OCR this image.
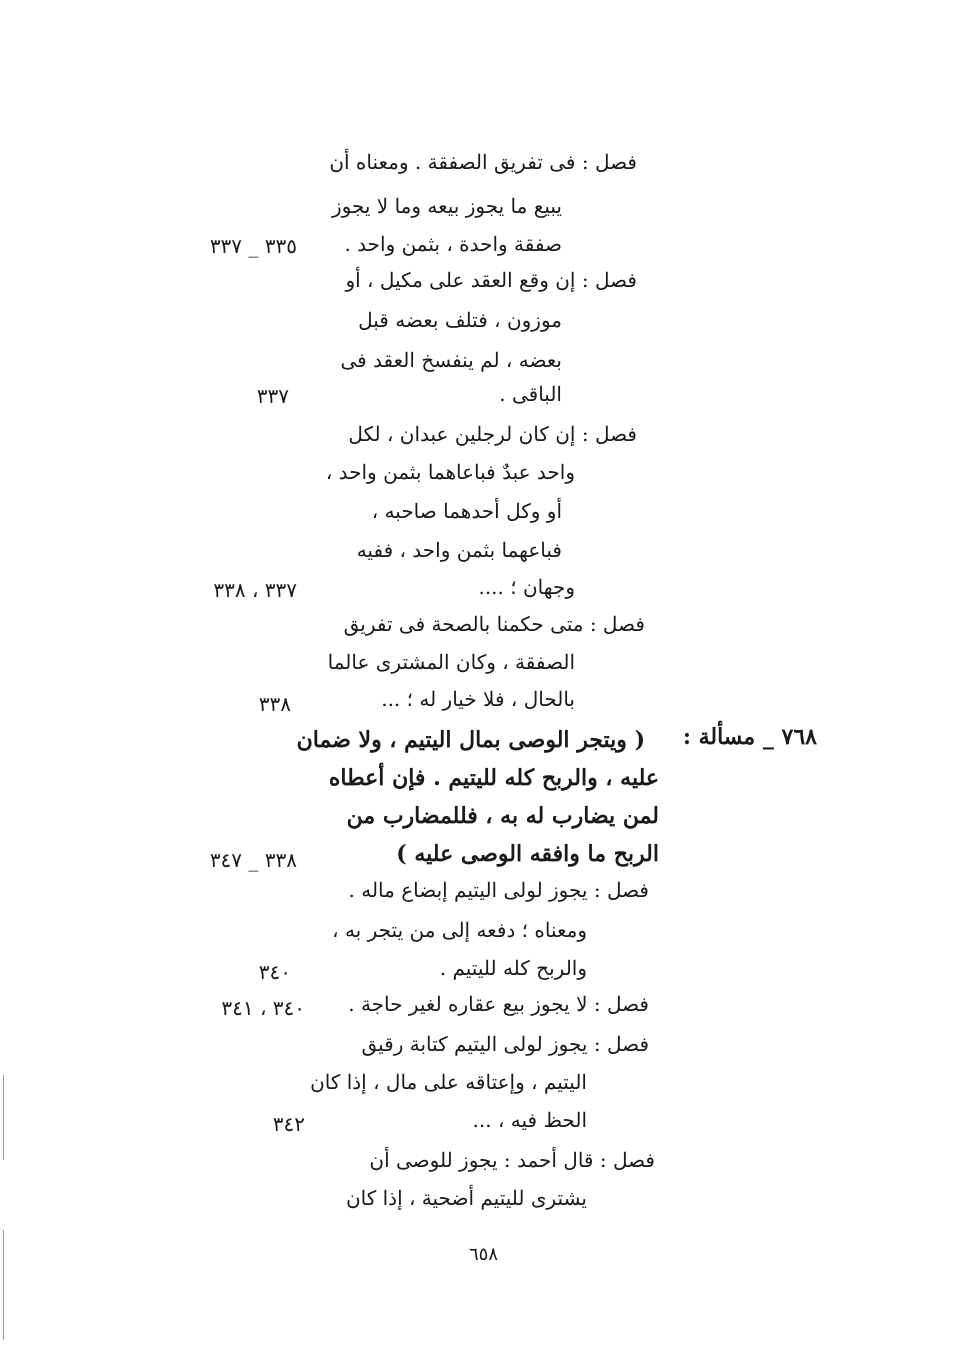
فصل : فى تفريق الصفقة . ومعناه أن
يبيع ما يجوز بيعه وما لا يجوز
صفقة واحدة ، بثمن واحد .
٣٣٥ _ ٣٣٧
فصل : إن وقع العقد على مكيل ، أو
موزون ، فتلف بعضه قبل
بعضه ، لم ينفسخ العقد فى
الباقى .
٣٣٧
فصل : إن كان لرجلين عبدان ، لكل
واحد عبدٌ فباعاهما بثمن واحد ،
أو وكل أحدهما صاحبه ،
فباعهما بثمن واحد ، ففيه
وجهان ؛ ....
٣٣٧ ، ٣٣٨
فصل : متى حكمنا بالصحة فى تفريق
الصفقة ، وكان المشترى عالما
بالحال ، فلا خيار له ؛ ...
٣٣٨
٧٦٨ _ مسألة :
( ويتجر الوصى بمال اليتيم ، ولا ضمان
عليه ، والربح كله لليتيم . فإن أعطاه
لمن يضارب له به ، فللمضارب من
الربح ما وافقه الوصى عليه )
٣٣٨ _ ٣٤٧
فصل : يجوز لولى اليتيم إبضاع ماله .
ومعناه ؛ دفعه إلى من يتجر به ،
والربح كله لليتيم .
٣٤٠
فصل : لا يجوز بيع عقاره لغير حاجة .
٣٤٠ ، ٣٤١
فصل : يجوز لولى اليتيم كتابة رقيق
اليتيم ، وإعتاقه على مال ، إذا كان
الحظ فيه ، ...
٣٤٢
فصل : قال أحمد : يجوز للوصى أن
يشترى لليتيم أضحية ، إذا كان
٦٥٨
